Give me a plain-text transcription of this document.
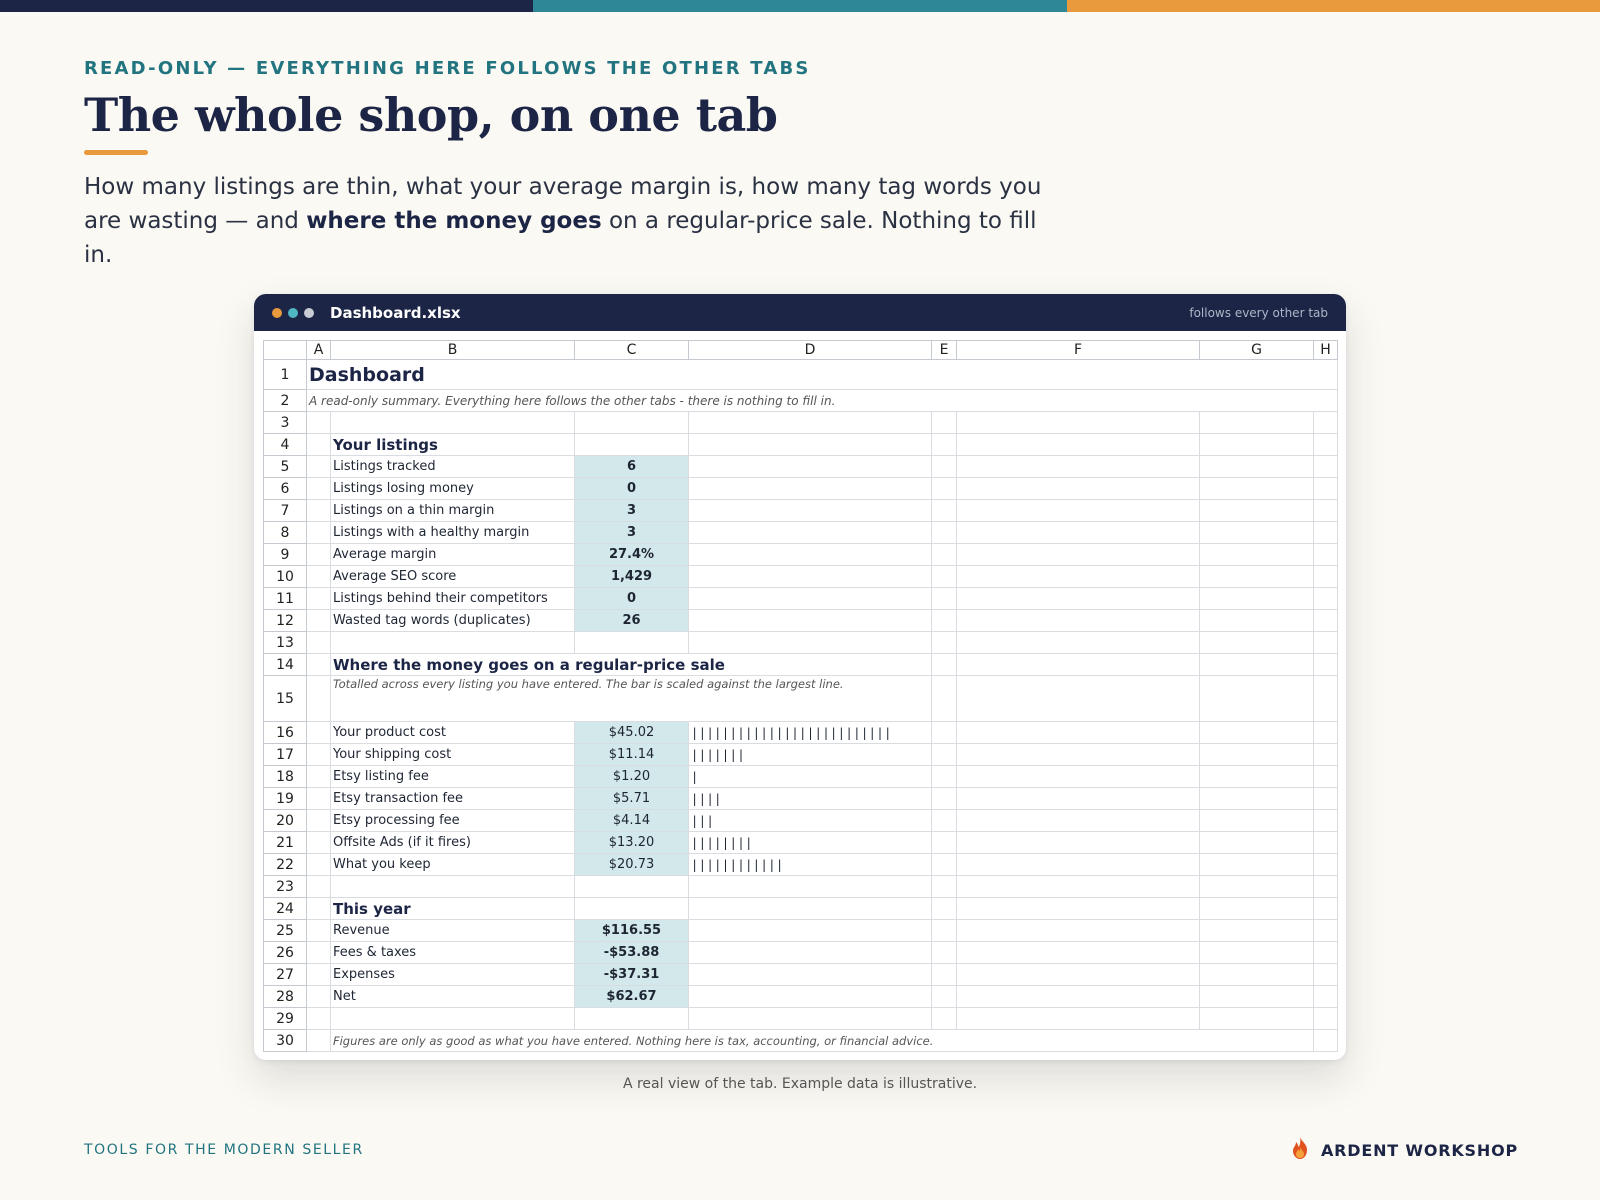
READ-ONLY — EVERYTHING HERE FOLLOWS THE OTHER TABS
The whole shop, on one tab

How many listings are thin, what your average margin is, how many tag words you are wasting — and where the money goes on a regular-price sale. Nothing to fill in.

Dashboard.xlsx	follows every other tab
	A	B	C	D	E	F	G	H
1	Dashboard							
2	A read-only summary. Everything here follows the other tabs - there is nothing to fill in.							
3								
4		Your listings						
5		Listings tracked	6					
6		Listings losing money	0					
7		Listings on a thin margin	3					
8		Listings with a healthy margin	3					
9		Average margin	27.4%					
10		Average SEO score	1,429					
11		Listings behind their competitors	0					
12		Wasted tag words (duplicates)	26					
13								
14		Where the money goes on a regular-price sale						
15		Totalled across every listing you have entered. The bar is scaled against the largest line.						
16		Your product cost	$45.02	||||||||||||||||||||||||||				
17		Your shipping cost	$11.14	|||||||				
18		Etsy listing fee	$1.20	|				
19		Etsy transaction fee	$5.71	||||				
20		Etsy processing fee	$4.14	|||				
21		Offsite Ads (if it fires)	$13.20	||||||||				
22		What you keep	$20.73	||||||||||||				
23								
24		This year						
25		Revenue	$116.55					
26		Fees & taxes	-$53.88					
27		Expenses	-$37.31					
28		Net	$62.67					
29								
30		Figures are only as good as what you have entered. Nothing here is tax, accounting, or financial advice.						
A real view of the tab. Example data is illustrative.
TOOLS FOR THE MODERN SELLER	ARDENT WORKSHOP
